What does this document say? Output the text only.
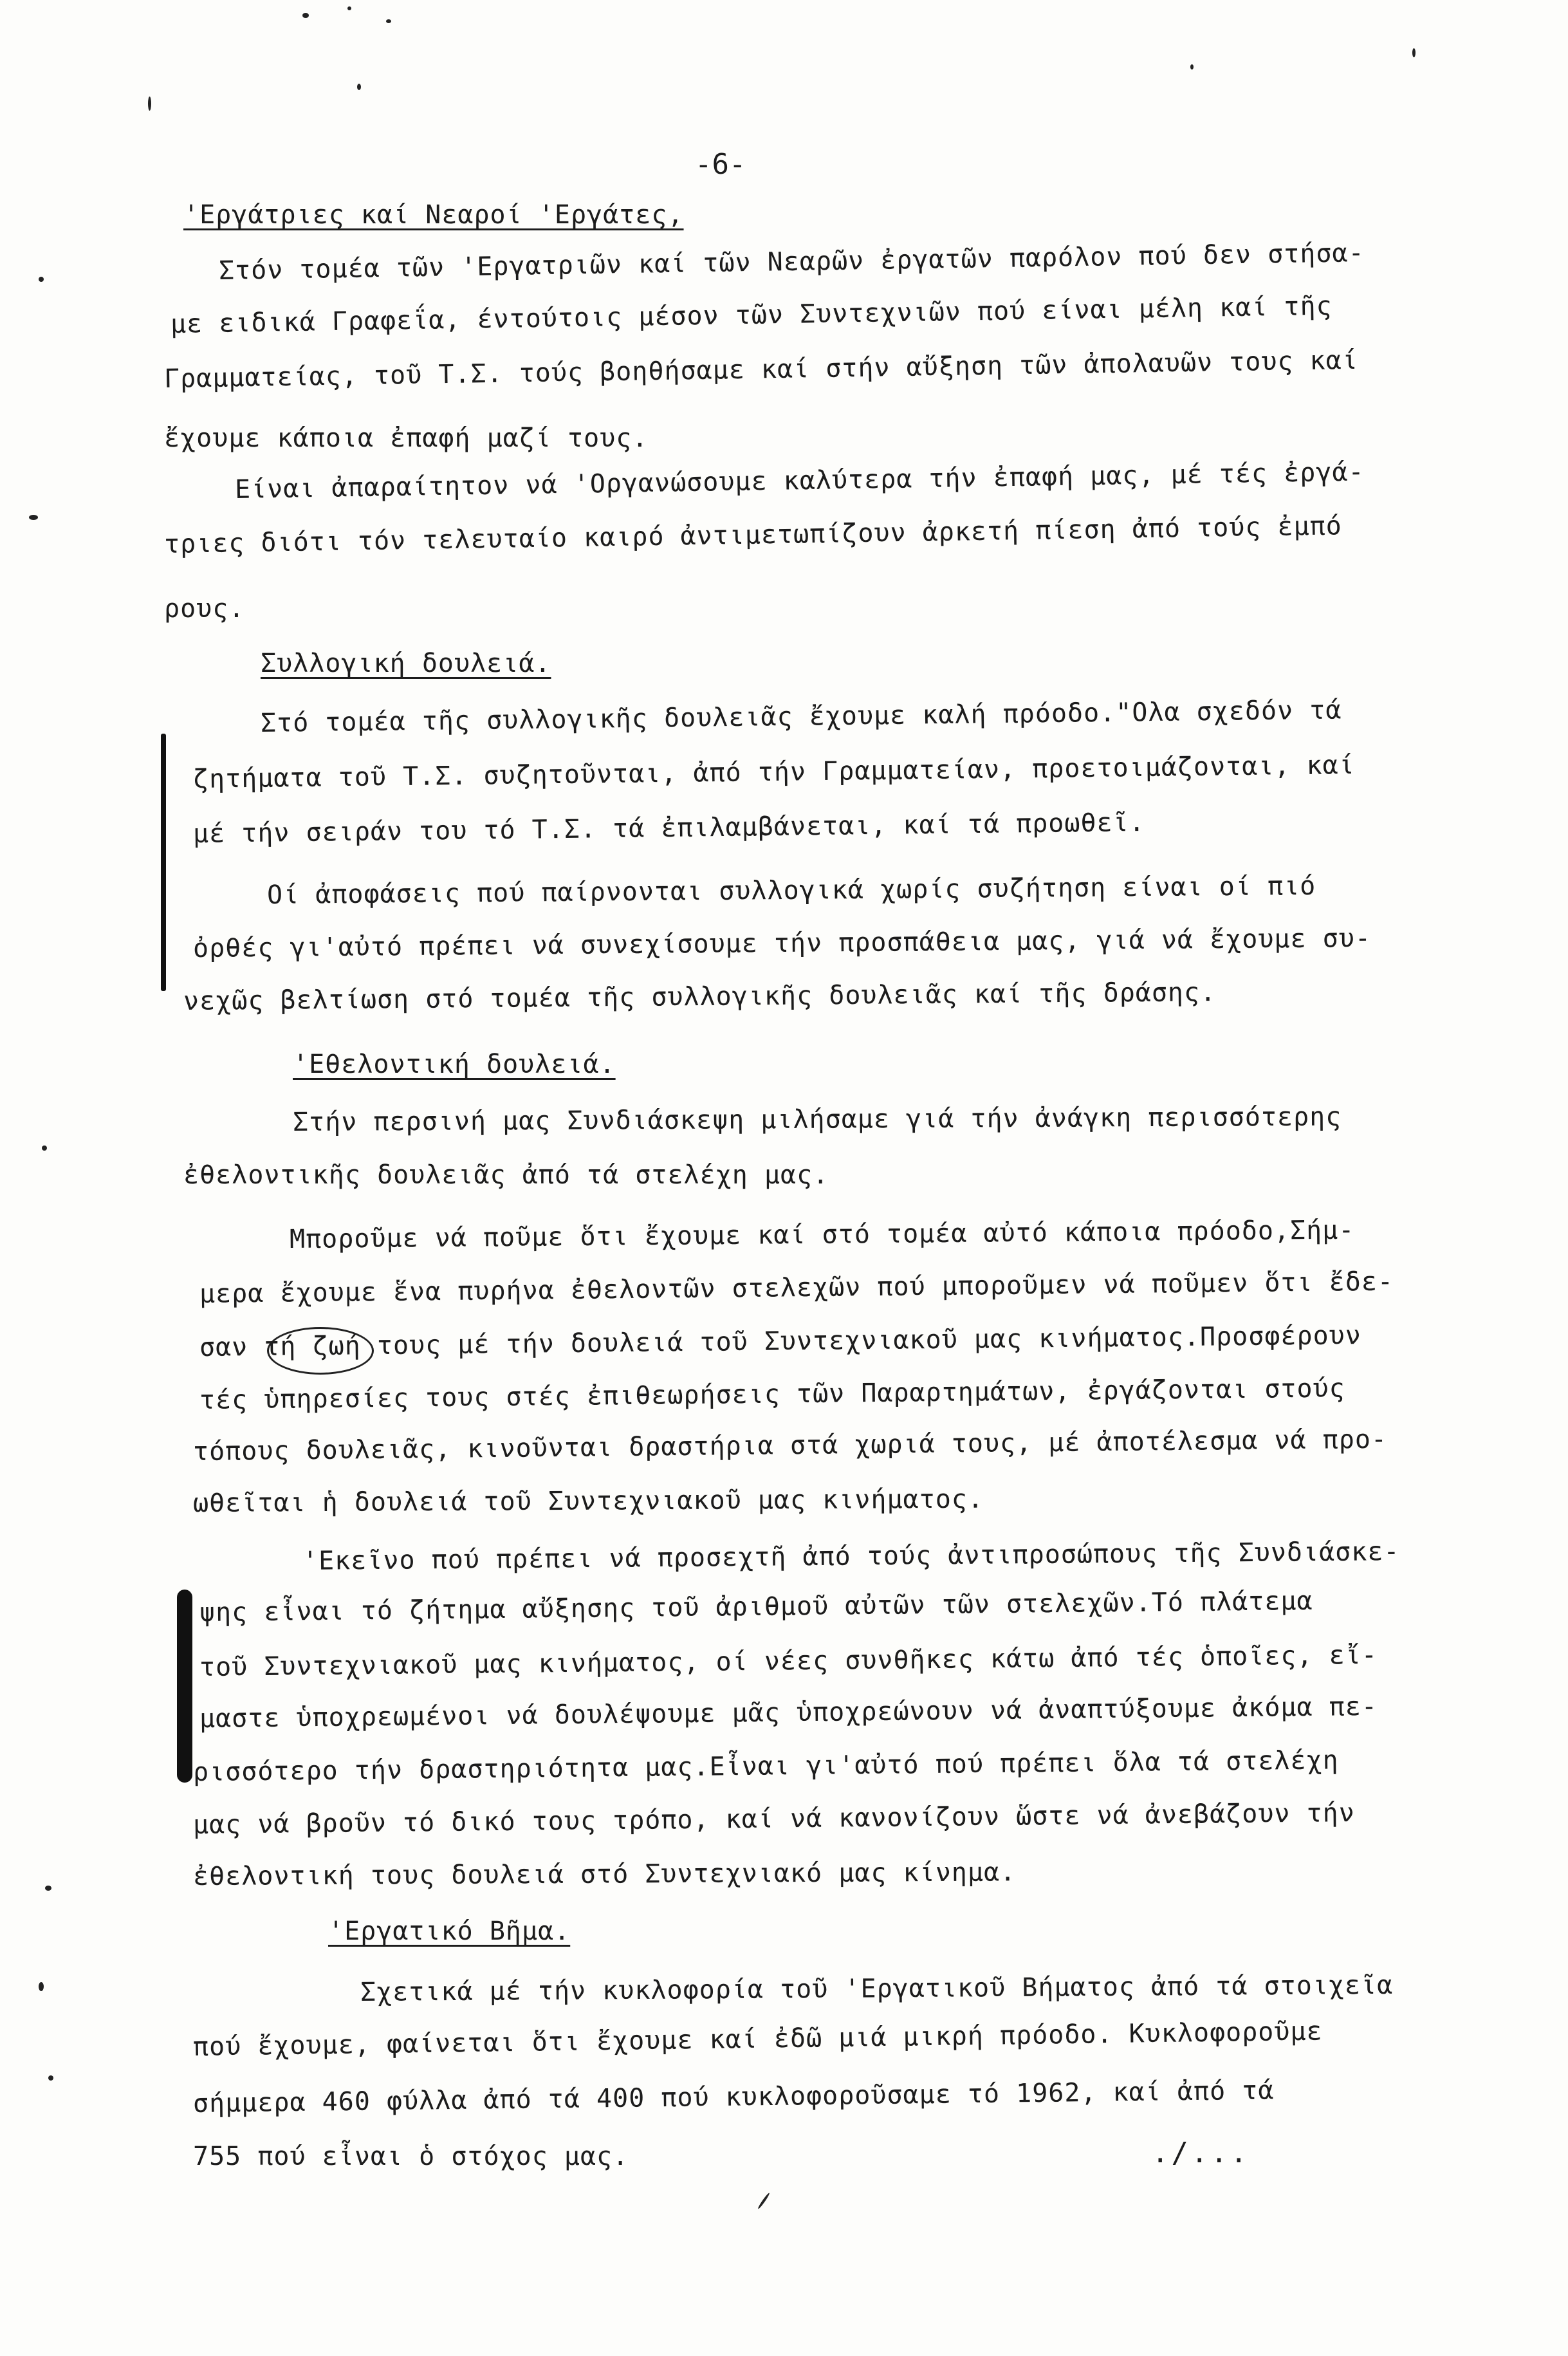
-6-
'Εργάτριες καί Νεαροί 'Εργάτες,
Στόν τομέα τῶν 'Εργατριῶν καί τῶν Νεαρῶν ἐργατῶν παρόλον πού δεν στήσα-
με ειδικά Γραφεΐα, έντούτοις μέσον τῶν Συντεχνιῶν πού είναι μέλη καί τῆς
Γραμματείας, τοῦ Τ.Σ. τούς βοηθήσαμε καί στήν αὔξηση τῶν ἀπολαυῶν τους καί
ἔχουμε κάποια ἐπαφή μαζί τους.
Είναι ἀπαραίτητον νά 'Οργανώσουμε καλύτερα τήν ἐπαφή μας, μέ τές ἐργά-
τριες διότι τόν τελευταίο καιρό ἀντιμετωπίζουν ἀρκετή πίεση ἀπό τούς ἐμπό
ρους.
Συλλογική δουλειά.
Στό τομέα τῆς συλλογικῆς δουλειᾶς ἔχουμε καλή πρόοδο."Ολα σχεδόν τά
ζητήματα τοῦ Τ.Σ. συζητοῦνται, ἀπό τήν Γραμματείαν, προετοιμάζονται, καί
μέ τήν σειράν του τό Τ.Σ. τά ἐπιλαμβάνεται, καί τά προωθεῖ.
Οί ἀποφάσεις πού παίρνονται συλλογικά χωρίς συζήτηση είναι οί πιό
ὀρθές γι'αὐτό πρέπει νά συνεχίσουμε τήν προσπάθεια μας, γιά νά ἔχουμε συ-
νεχῶς βελτίωση στό τομέα τῆς συλλογικῆς δουλειᾶς καί τῆς δράσης.
'Εθελοντική δουλειά.
Στήν περσινή μας Συνδιάσκεψη μιλήσαμε γιά τήν ἀνάγκη περισσότερης
ἐθελοντικῆς δουλειᾶς ἀπό τά στελέχη μας.
Μποροῦμε νά ποῦμε ὅτι ἔχουμε καί στό τομέα αὐτό κάποια πρόοδο,Σήμ-
μερα ἔχουμε ἕνα πυρήνα ἐθελοντῶν στελεχῶν πού μποροῦμεν νά ποῦμεν ὅτι ἔδε-
σαν τή ζωή τους μέ τήν δουλειά τοῦ Συντεχνιακοῦ μας κινήματος.Προσφέρουν
τές ὑπηρεσίες τους στές ἐπιθεωρήσεις τῶν Παραρτημάτων, ἐργάζονται στούς
τόπους δουλειᾶς, κινοῦνται δραστήρια στά χωριά τους, μέ ἀποτέλεσμα νά προ-
ωθεῖται ἡ δουλειά τοῦ Συντεχνιακοῦ μας κινήματος.
'Εκεῖνο πού πρέπει νά προσεχτῆ ἀπό τούς ἀντιπροσώπους τῆς Συνδιάσκε-
ψης εἶναι τό ζήτημα αὔξησης τοῦ ἀριθμοῦ αὐτῶν τῶν στελεχῶν.Τό πλάτεμα
τοῦ Συντεχνιακοῦ μας κινήματος, οί νέες συνθῆκες κάτω ἀπό τές ὁποῖες, εἴ-
μαστε ὑποχρεωμένοι νά δουλέψουμε μᾶς ὑποχρεώνουν νά ἀναπτύξουμε ἀκόμα πε-
ρισσότερο τήν δραστηριότητα μας.Εἶναι γι'αὐτό πού πρέπει ὅλα τά στελέχη
μας νά βροῦν τό δικό τους τρόπο, καί νά κανονίζουν ὥστε νά ἀνεβάζουν τήν
ἐθελοντική τους δουλειά στό Συντεχνιακό μας κίνημα.
'Εργατικό Βῆμα.
Σχετικά μέ τήν κυκλοφορία τοῦ 'Εργατικοῦ Βήματος ἀπό τά στοιχεῖα
πού ἔχουμε, φαίνεται ὅτι ἔχουμε καί ἐδῶ μιά μικρή πρόοδο. Κυκλοφοροῦμε
σήμμερα 460 φύλλα ἀπό τά 400 πού κυκλοφοροῦσαμε τό 1962, καί ἀπό τά
755 πού εἶναι ὁ στόχος μας.	./...
